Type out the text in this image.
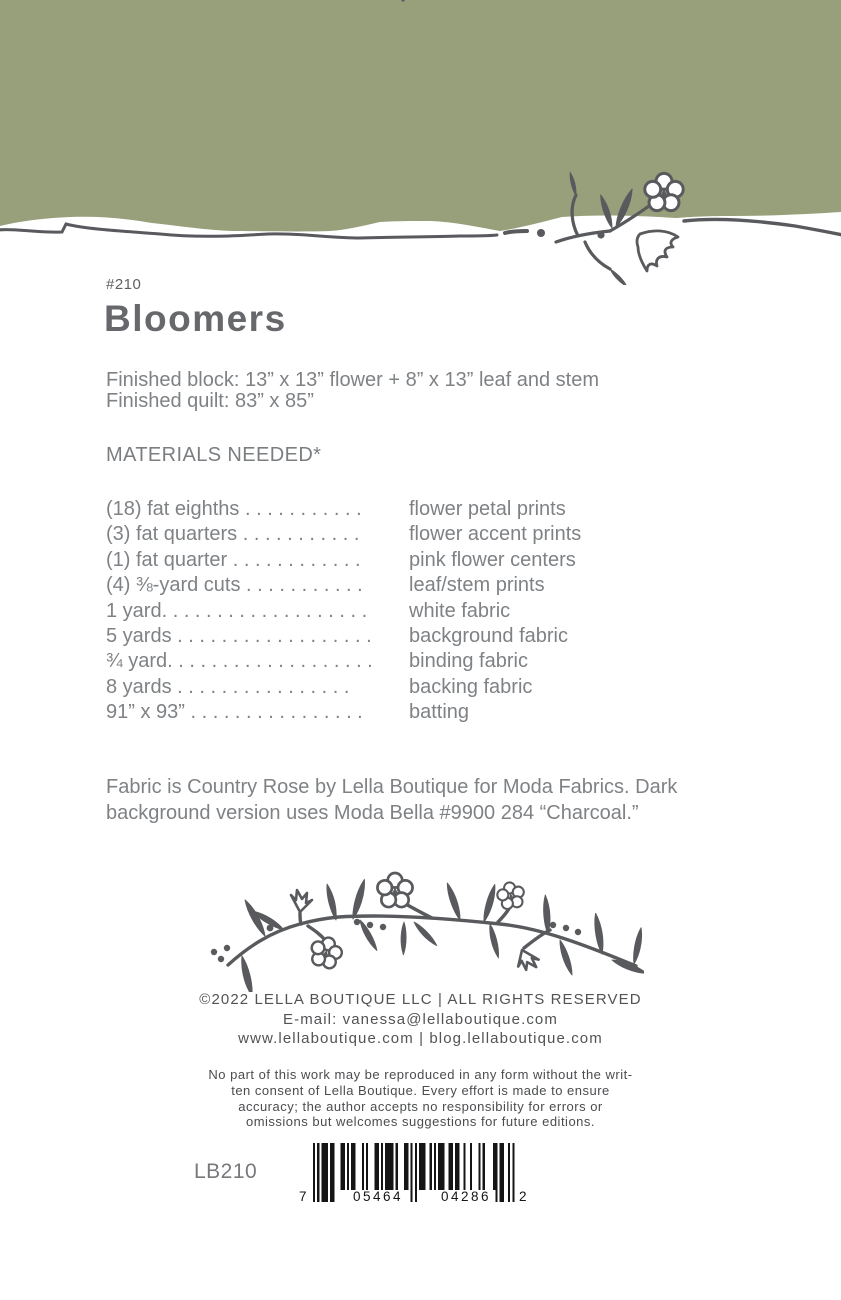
#210
Bloomers
Finished block: 13” x 13” flower + 8” x 13” leaf and stem
Finished quilt: 83” x 85”
MATERIALS NEEDED*
(18) fat eighths . . . . . . . . . . . flower petal prints
(3) fat quarters . . . . . . . . . . . flower accent prints
(1) fat quarter . . . . . . . . . . . . pink flower centers
(4) ⅜-yard cuts . . . . . . . . . . . leaf/stem prints
1 yard. . . . . . . . . . . . . . . . . . . white fabric
5 yards . . . . . . . . . . . . . . . . . . background fabric
¾ yard. . . . . . . . . . . . . . . . . . . binding fabric
8 yards . . . . . . . . . . . . . . . .	backing fabric
91” x 93” . . . . . . . . . . . . . . . . batting
Fabric is Country Rose by Lella Boutique for Moda Fabrics. Dark
background version uses Moda Bella #9900 284 “Charcoal.”
©2022 LELLA BOUTIQUE LLC | ALL RIGHTS RESERVED
E-mail: vanessa@lellaboutique.com
www.lellaboutique.com | blog.lellaboutique.com
No part of this work may be reproduced in any form without the writ-
ten consent of Lella Boutique. Every effort is made to ensure
accuracy; the author accepts no responsibility for errors or
omissions but welcomes suggestions for future editions.
LB210
7	05464	04286	2
